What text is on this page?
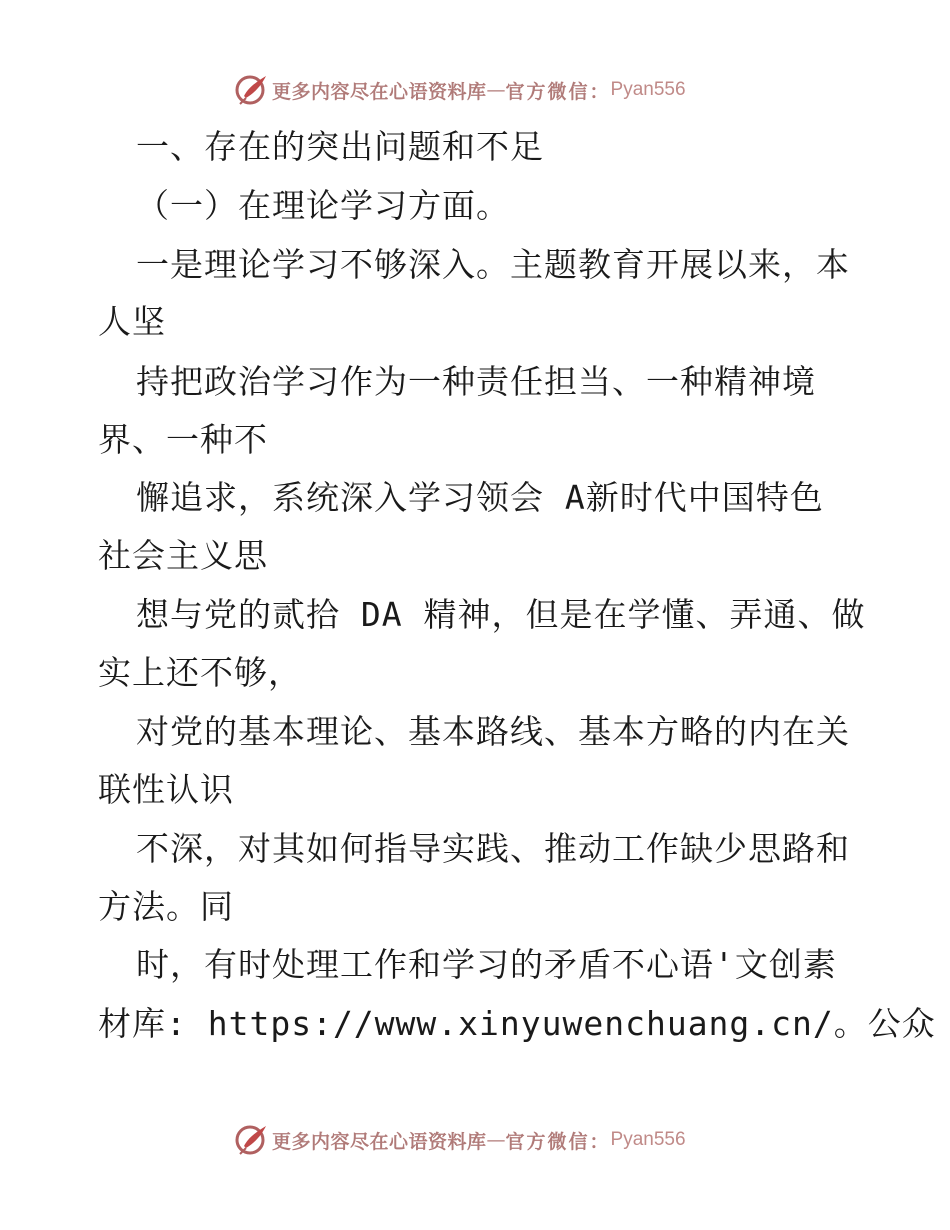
更多内容尽在心语资料库 — 官方微信： Pyan556
一、存在的突出问题和不足
（一）在理论学习方面。
一是理论学习不够深入。主题教育开展以来，本
人坚
持把政治学习作为一种责任担当、一种精神境
界、一种不
懈追求，系统深入学习领会 A新时代中国特色
社会主义思
想与党的贰拾 DA 精神，但是在学懂、弄通、做
实上还不够，
对党的基本理论、基本路线、基本方略的内在关
联性认识
不深，对其如何指导实践、推动工作缺少思路和
方法。同
时，有时处理工作和学习的矛盾不心语'文创素
材库: https://www.xinyuwenchuang.cn/。公众
更多内容尽在心语资料库 — 官方微信： Pyan556
